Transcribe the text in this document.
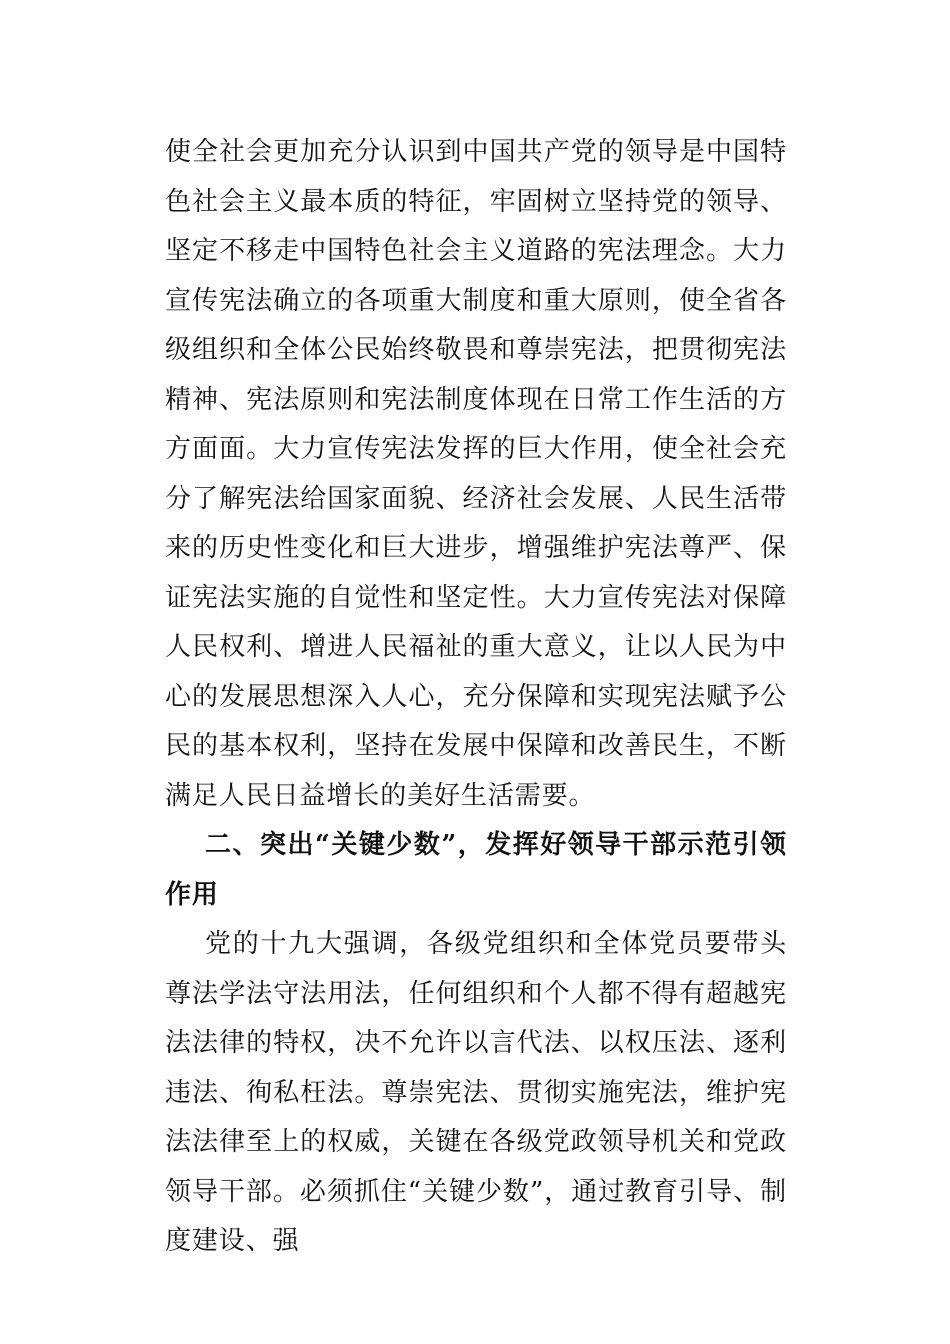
使全社会更加充分认识到中国共产党的领导是中国特色社会主义最本质的特征，牢固树立坚持党的领导、坚定不移走中国特色社会主义道路的宪法理念。大力宣传宪法确立的各项重大制度和重大原则，使全省各级组织和全体公民始终敬畏和尊崇宪法，把贯彻宪法精神、宪法原则和宪法制度体现在日常工作生活的方方面面。大力宣传宪法发挥的巨大作用，使全社会充分了解宪法给国家面貌、经济社会发展、人民生活带来的历史性变化和巨大进步，增强维护宪法尊严、保证宪法实施的自觉性和坚定性。大力宣传宪法对保障人民权利、增进人民福祉的重大意义，让以人民为中心的发展思想深入人心，充分保障和实现宪法赋予公民的基本权利，坚持在发展中保障和改善民生，不断满足人民日益增长的美好生活需要。

二、突出“关键少数”，发挥好领导干部示范引领作用

党的十九大强调，各级党组织和全体党员要带头尊法学法守法用法，任何组织和个人都不得有超越宪法法律的特权，决不允许以言代法、以权压法、逐利违法、徇私枉法。尊崇宪法、贯彻实施宪法，维护宪法法律至上的权威，关键在各级党政领导机关和党政领导干部。必须抓住“关键少数”，通过教育引导、制度建设、强
